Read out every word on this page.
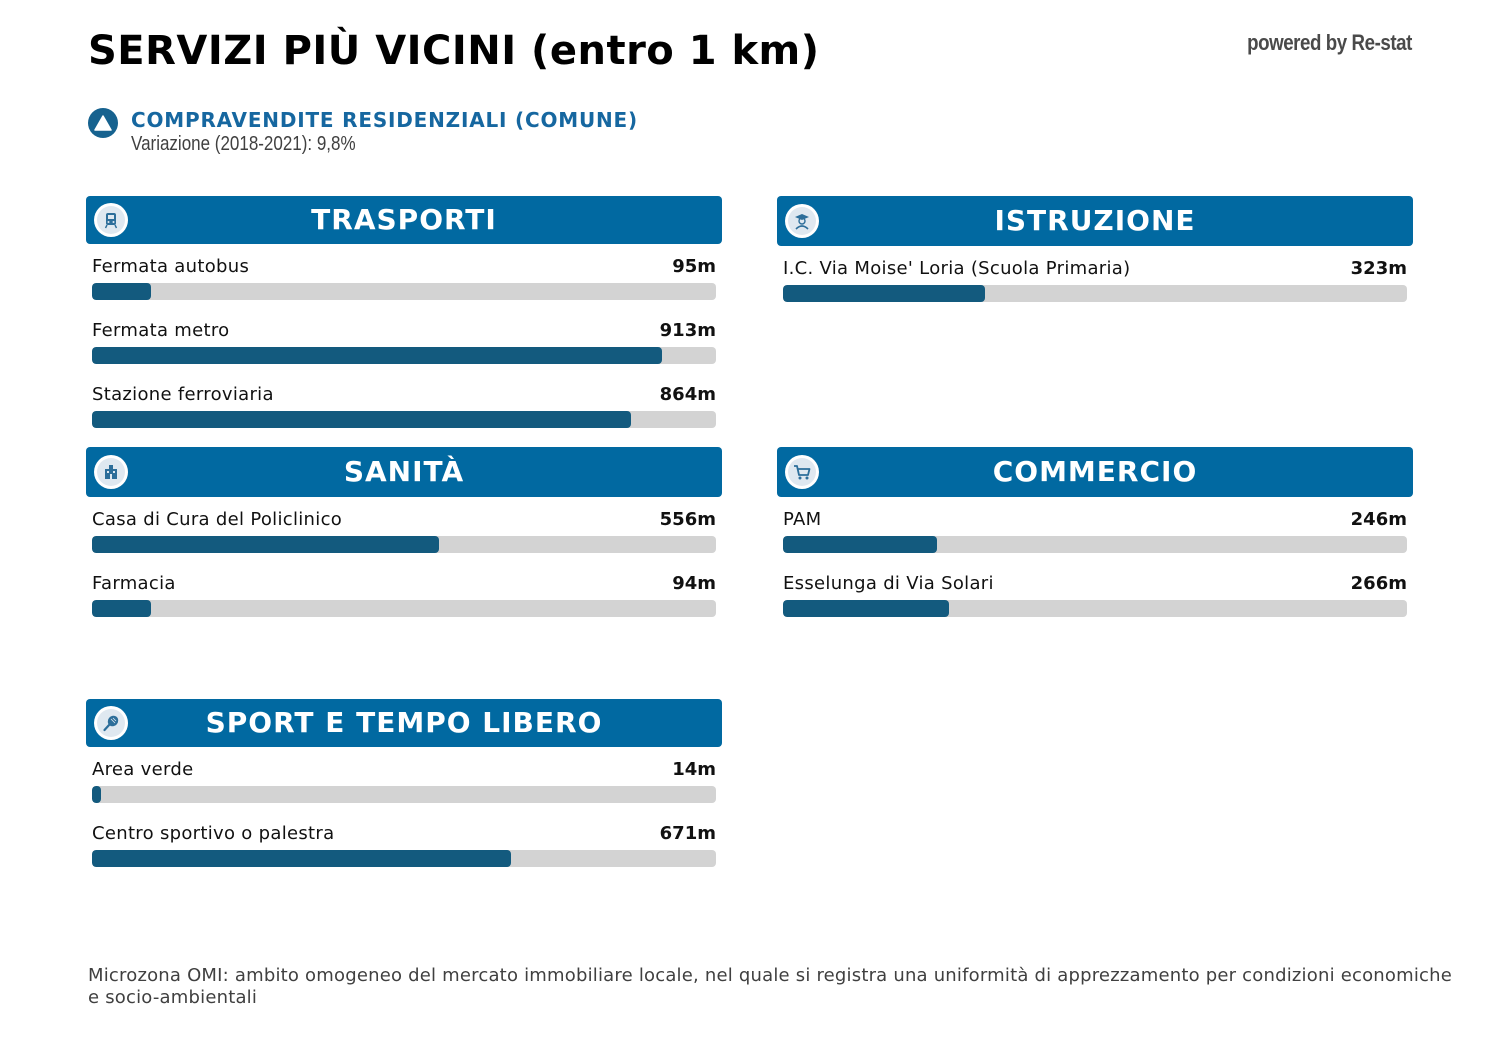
SERVIZI PIÙ VICINI (entro 1 km)	powered by Re-stat
COMPRAVENDITE RESIDENZIALI (COMUNE)
Variazione (2018-2021): 9,8%
TRASPORTI
Fermata autobus	95m
Fermata metro	913m
Stazione ferroviaria	864m
ISTRUZIONE
I.C. Via Moise' Loria (Scuola Primaria)	323m
SANITÀ
Casa di Cura del Policlinico	556m
Farmacia	94m
COMMERCIO
PAM	246m
Esselunga di Via Solari	266m
SPORT E TEMPO LIBERO
Area verde	14m
Centro sportivo o palestra	671m
Microzona OMI: ambito omogeneo del mercato immobiliare locale, nel quale si registra una uniformità di apprezzamento per condizioni economiche e socio-ambientali
